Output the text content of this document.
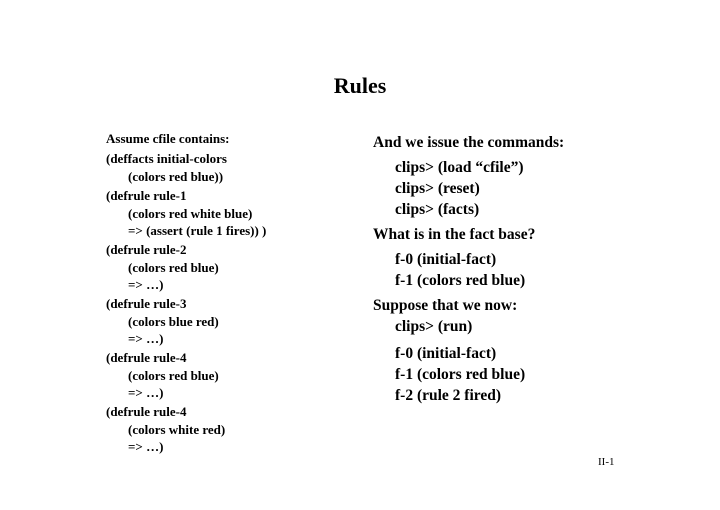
Rules
Assume cfile contains:
(deffacts initial-colors
(colors red blue))
(defrule rule-1
(colors red white blue)
=> (assert (rule 1 fires)) )
(defrule rule-2
(colors red blue)
=> …)
(defrule rule-3
(colors blue red)
=> …)
(defrule rule-4
(colors red blue)
=> …)
(defrule rule-4
(colors white red)
=> …)
And we issue the commands:
clips> (load “cfile”)
clips> (reset)
clips> (facts)
What is in the fact base?
f-0 (initial-fact)
f-1 (colors red blue)
Suppose that we now:
clips> (run)
f-0 (initial-fact)
f-1 (colors red blue)
f-2 (rule 2 fired)
II-1
